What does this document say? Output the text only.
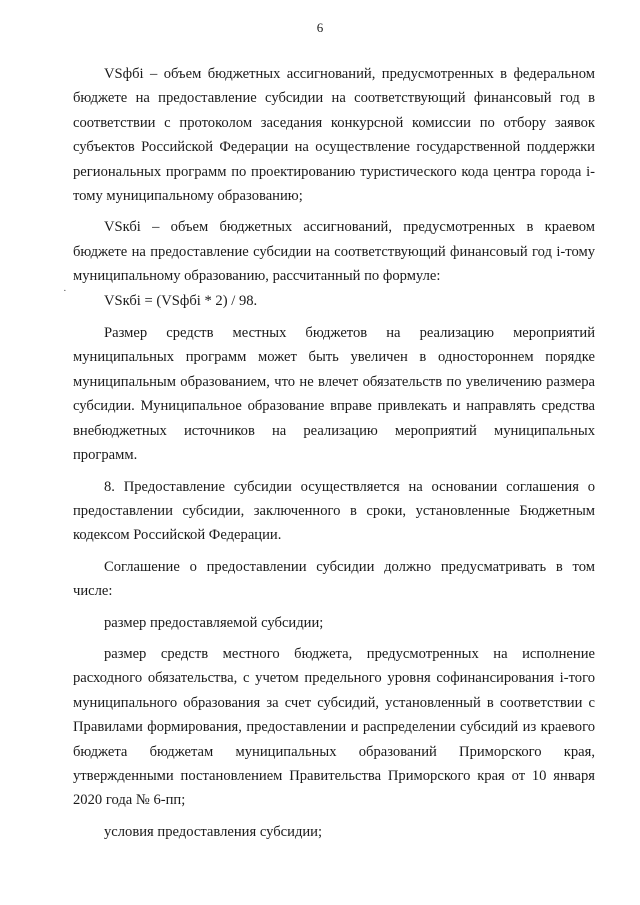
6
·

VSфбi – объем бюджетных ассигнований, предусмотренных в федеральном бюджете на предоставление субсидии на соответствующий финансовый год в соответствии с протоколом заседания конкурсной комиссии по отбору заявок субъектов Российской Федерации на осуществление государственной поддержки региональных программ по проектированию туристического кода центра города i-тому муниципальному образованию;

VSкбi – объем бюджетных ассигнований, предусмотренных в краевом бюджете на предоставление субсидии на соответствующий финансовый год i-тому муниципальному образованию, рассчитанный по формуле:

VSкбi = (VSфбi * 2) / 98.

Размер средств местных бюджетов на реализацию мероприятий муниципальных программ может быть увеличен в одностороннем порядке муниципальным образованием, что не влечет обязательств по увеличению размера субсидии. Муниципальное образование вправе привлекать и направлять средства внебюджетных источников на реализацию мероприятий муниципальных программ.

8. Предоставление субсидии осуществляется на основании соглашения о предоставлении субсидии, заключенного в сроки, установленные Бюджетным кодексом Российской Федерации.

Соглашение о предоставлении субсидии должно предусматривать в том числе:

размер предоставляемой субсидии;

размер средств местного бюджета, предусмотренных на исполнение расходного обязательства, с учетом предельного уровня софинансирования i-того муниципального образования за счет субсидий, установленный в соответствии с Правилами формирования, предоставлении и распределении субсидий из краевого бюджета бюджетам муниципальных образований Приморского края, утвержденными постановлением Правительства Приморского края от 10 января 2020 года № 6-пп;

условия предоставления субсидии;
